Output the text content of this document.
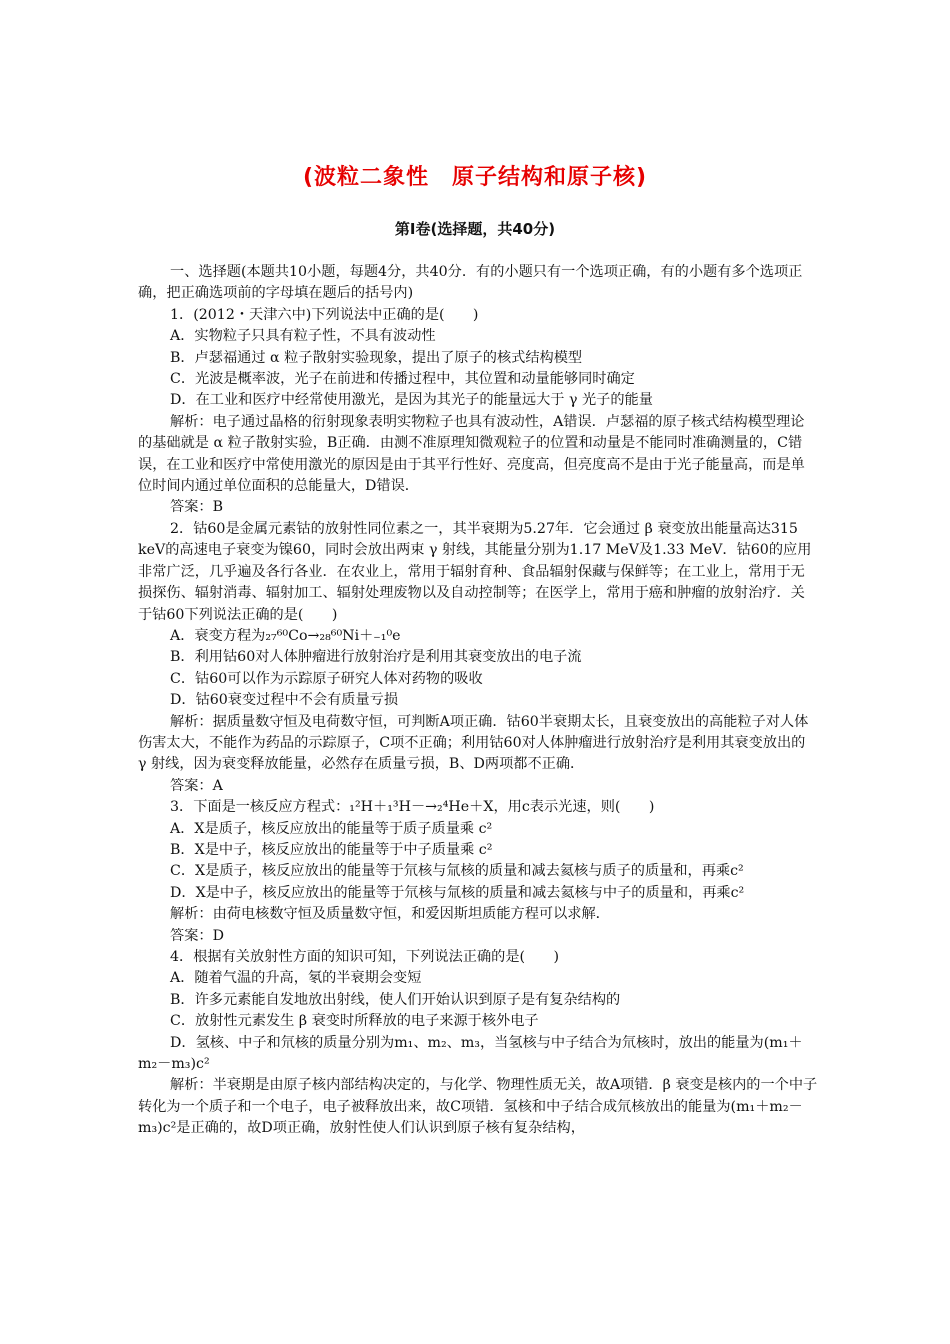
(波粒二象性　原子结构和原子核)
第Ⅰ卷(选择题，共40分)

一、选择题(本题共10小题，每题4分，共40分．有的小题只有一个选项正确，有的小题有多个选项正确，把正确选项前的字母填在题后的括号内)

1．(2012・天津六中)下列说法中正确的是(　　)

A．实物粒子只具有粒子性，不具有波动性

B．卢瑟福通过 α 粒子散射实验现象，提出了原子的核式结构模型

C．光波是概率波，光子在前进和传播过程中，其位置和动量能够同时确定

D．在工业和医疗中经常使用激光，是因为其光子的能量远大于 γ 光子的能量

解析：电子通过晶格的衍射现象表明实物粒子也具有波动性，A错误．卢瑟福的原子核式结构模型理论的基础就是 α 粒子散射实验，B正确．由测不准原理知微观粒子的位置和动量是不能同时准确测量的，C错误，在工业和医疗中常使用激光的原因是由于其平行性好、亮度高，但亮度高不是由于光子能量高，而是单位时间内通过单位面积的总能量大，D错误．

答案：B

2．钴60是金属元素钴的放射性同位素之一，其半衰期为5.27年．它会通过 β 衰变放出能量高达315 keV的高速电子衰变为镍60，同时会放出两束 γ 射线，其能量分别为1.17 MeV及1.33 MeV．钴60的应用非常广泛，几乎遍及各行各业．在农业上，常用于辐射育种、食品辐射保藏与保鲜等；在工业上，常用于无损探伤、辐射消毒、辐射加工、辐射处理废物以及自动控制等；在医学上，常用于癌和肿瘤的放射治疗．关于钴60下列说法正确的是(　　)

A．衰变方程为₂₇⁶⁰Co→₂₈⁶⁰Ni＋₋₁⁰e

B．利用钴60对人体肿瘤进行放射治疗是利用其衰变放出的电子流

C．钴60可以作为示踪原子研究人体对药物的吸收

D．钴60衰变过程中不会有质量亏损

解析：据质量数守恒及电荷数守恒，可判断A项正确．钴60半衰期太长，且衰变放出的高能粒子对人体伤害太大，不能作为药品的示踪原子，C项不正确；利用钴60对人体肿瘤进行放射治疗是利用其衰变放出的　γ 射线，因为衰变释放能量，必然存在质量亏损，B、D两项都不正确．

答案：A

3．下面是一核反应方程式：₁²H＋₁³H－→₂⁴He＋X，用c表示光速，则(　　)

A．X是质子，核反应放出的能量等于质子质量乘 c²

B．X是中子，核反应放出的能量等于中子质量乘 c²

C．X是质子，核反应放出的能量等于氘核与氚核的质量和减去氦核与质子的质量和，再乘c²

D．X是中子，核反应放出的能量等于氘核与氚核的质量和减去氦核与中子的质量和，再乘c²

解析：由荷电核数守恒及质量数守恒，和爱因斯坦质能方程可以求解．

答案：D

4．根据有关放射性方面的知识可知，下列说法正确的是(　　)

A．随着气温的升高，氡的半衰期会变短

B．许多元素能自发地放出射线，使人们开始认识到原子是有复杂结构的

C．放射性元素发生 β 衰变时所释放的电子来源于核外电子

D．氢核、中子和氘核的质量分别为m₁、m₂、m₃，当氢核与中子结合为氘核时，放出的能量为(m₁＋m₂－m₃)c²

解析：半衰期是由原子核内部结构决定的，与化学、物理性质无关，故A项错．β 衰变是核内的一个中子转化为一个质子和一个电子，电子被释放出来，故C项错．氢核和中子结合成氘核放出的能量为(m₁＋m₂－m₃)c²是正确的，故D项正确，放射性使人们认识到原子核有复杂结构，
